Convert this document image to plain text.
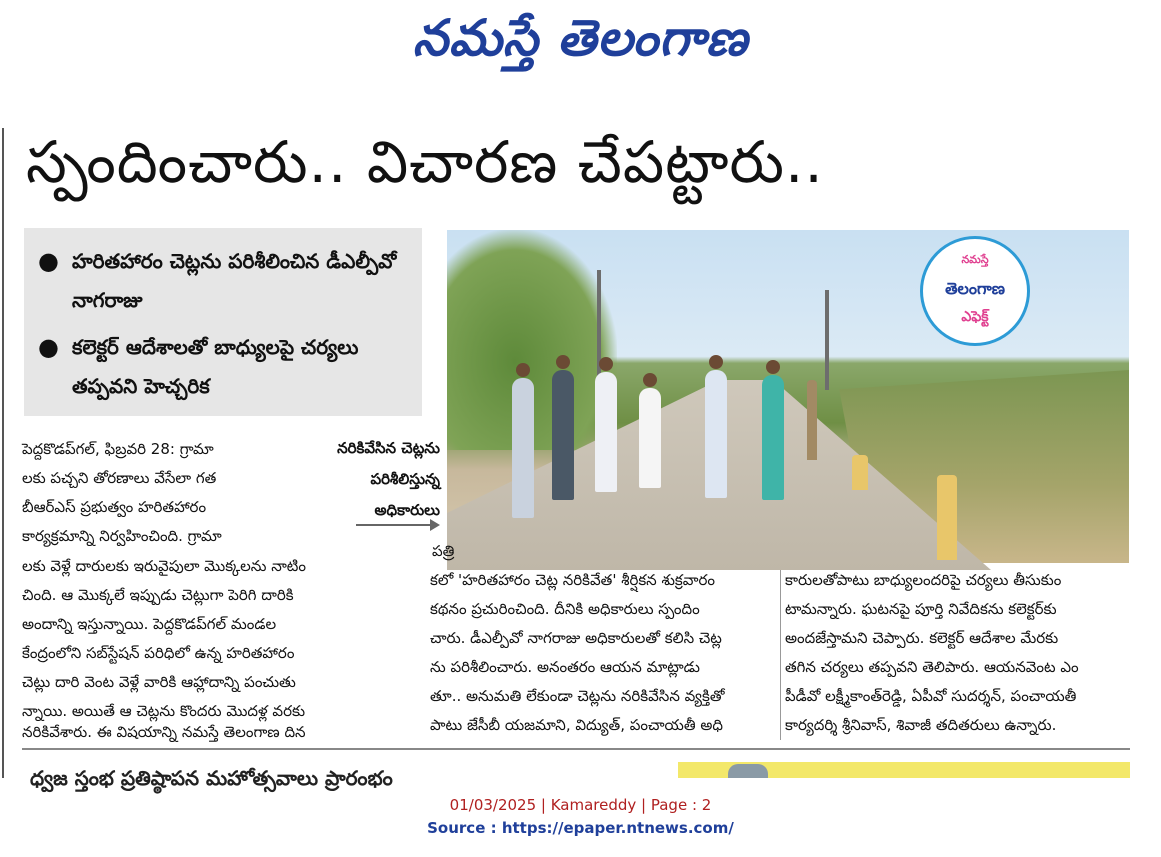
నమస్తే తెలంగాణ
స్పందించారు.. విచారణ చేపట్టారు..
● హరితహారం చెట్లను పరిశీలించిన డీఎల్పీవో నాగరాజు
● కలెక్టర్ ఆదేశాలతో బాధ్యులపై చర్యలు తప్పవని హెచ్చరిక
నమస్తే
తెలంగాణ
ఎఫెక్ట్
నరికివేసిన చెట్లను
పరిశీలిస్తున్న
అధికారులు

పెద్దకొడప్‌గల్, ఫిబ్రవరి 28: గ్రామా

లకు పచ్చని తోరణాలు వేసేలా గత

బీఆర్ఎస్ ప్రభుత్వం హరితహారం

కార్యక్రమాన్ని నిర్వహించింది. గ్రామా

లకు వెళ్లే దారులకు ఇరువైపులా మొక్కలను నాటిం

చింది. ఆ మొక్కలే ఇప్పుడు చెట్లుగా పెరిగి దారికి

అందాన్ని ఇస్తున్నాయి. పెద్దకొడప్‌గల్ మండల

కేంద్రంలోని సబ్‌స్టేషన్ పరిధిలో ఉన్న హరితహారం

చెట్లు దారి వెంట వెళ్లే వారికి ఆహ్లాదాన్ని పంచుతు

న్నాయి. అయితే ఆ చెట్లను కొందరు మొదళ్ల వరకు

పత్రి

కలో 'హరితహారం చెట్ల నరికివేత' శీర్షికన శుక్రవారం

కథనం ప్రచురించింది. దీనికి అధికారులు స్పందిం

చారు. డీఎల్పీవో నాగరాజు అధికారులతో కలిసి చెట్ల

ను పరిశీలించారు. అనంతరం ఆయన మాట్లాడు

తూ.. అనుమతి లేకుండా చెట్లను నరికివేసిన వ్యక్తితో

పాటు జేసీబీ యజమాని, విద్యుత్, పంచాయతీ అధి

నరికివేశారు. ఈ విషయాన్ని నమస్తే తెలంగాణ దిన

కారులతోపాటు బాధ్యులందరిపై చర్యలు తీసుకుం

టామన్నారు. ఘటనపై పూర్తి నివేదికను కలెక్టర్‌కు

అందజేస్తామని చెప్పారు. కలెక్టర్ ఆదేశాల మేరకు

తగిన చర్యలు తప్పవని తెలిపారు. ఆయనవెంట ఎం

పీడీవో లక్ష్మీకాంత్‌రెడ్డి, ఏపీవో సుదర్శన్, పంచాయతీ

కార్యదర్శి శ్రీనివాస్, శివాజీ తదితరులు ఉన్నారు.

ధ్వజ స్తంభ ప్రతిష్ఠాపన మహోత్సవాలు ప్రారంభం
01/03/2025 | Kamareddy | Page : 2
Source : https://epaper.ntnews.com/
